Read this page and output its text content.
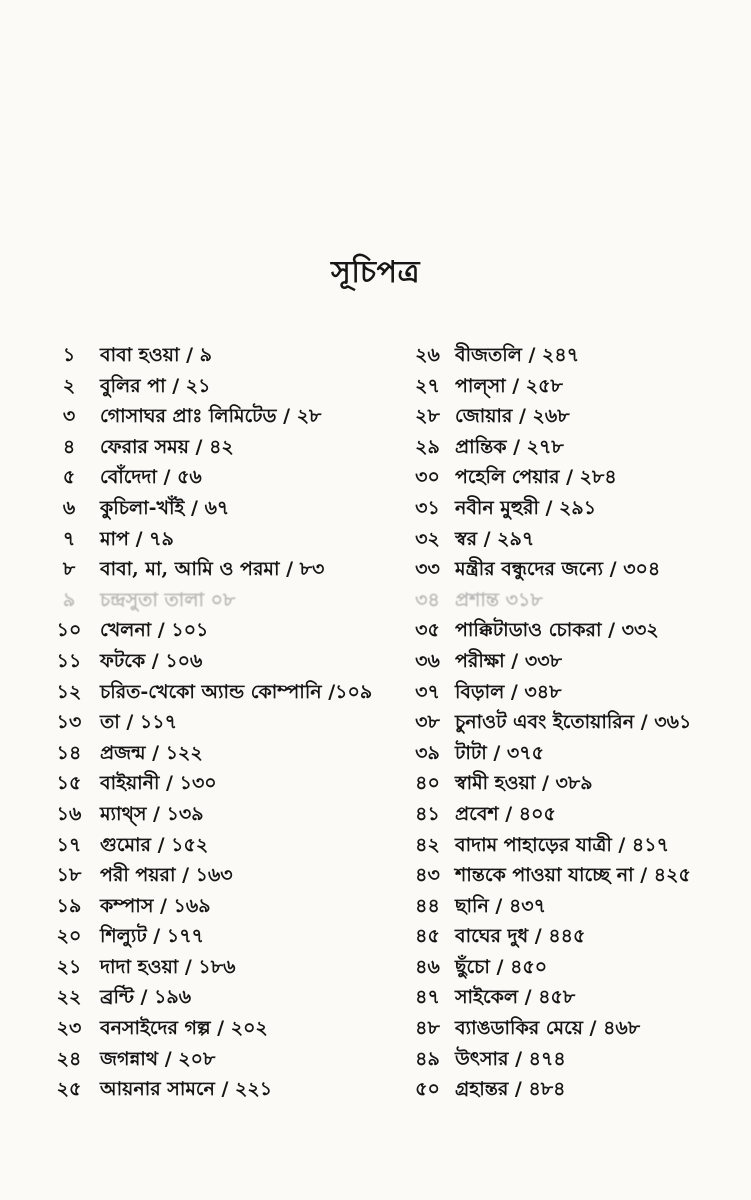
সূচিপত্র
১ বাবা হওয়া / ৯
২ বুলির পা / ২১
৩ গোসাঘর প্রাঃ লিমিটেড / ২৮
৪ ফেরার সময় / ৪২
৫ বোঁদেদা / ৫৬
৬ কুচিলা-খাঁই / ৬৭
৭ মাপ / ৭৯
৮ বাবা, মা, আমি ও পরমা / ৮৩
৯ চন্দ্রসুতা তালা ০৮
১০ খেলনা / ১০১
১১ ফটকে / ১০৬
১২ চরিত-খেকো অ্যান্ড কোম্পানি /১০৯
১৩ তা / ১১৭
১৪ প্রজন্ম / ১২২
১৫ বাইয়ানী / ১৩০
১৬ ম্যাথ্স / ১৩৯
১৭ গুমোর / ১৫২
১৮ পরী পয়রা / ১৬৩
১৯ কম্পাস / ১৬৯
২০ শিল্যুট / ১৭৭
২১ দাদা হওয়া / ১৮৬
২২ ব্রন্টি / ১৯৬
২৩ বনসাইদের গল্প / ২০২
২৪ জগন্নাথ / ২০৮
২৫ আয়নার সামনে / ২২১
২৬ বীজতলি / ২৪৭
২৭ পাল্সা / ২৫৮
২৮ জোয়ার / ২৬৮
২৯ প্রান্তিক / ২৭৮
৩০ পহেলি পেয়ার / ২৮৪
৩১ নবীন মুহুরী / ২৯১
৩২ স্বর / ২৯৭
৩৩ মন্ত্রীর বন্ধুদের জন্যে / ৩০৪
৩৪ প্রশান্ত ৩১৮
৩৫ পাক্কিটাডাও চোকরা / ৩৩২
৩৬ পরীক্ষা / ৩৩৮
৩৭ বিড়াল / ৩৪৮
৩৮ চুনাওট এবং ইতোয়ারিন / ৩৬১
৩৯ টাটা / ৩৭৫
৪০ স্বামী হওয়া / ৩৮৯
৪১ প্রবেশ / ৪০৫
৪২ বাদাম পাহাড়ের যাত্রী / ৪১৭
৪৩ শান্তকে পাওয়া যাচ্ছে না / ৪২৫
৪৪ ছানি / ৪৩৭
৪৫ বাঘের দুধ / ৪৪৫
৪৬ ছুঁচো / ৪৫০
৪৭ সাইকেল / ৪৫৮
৪৮ ব্যাঙডাকির মেয়ে / ৪৬৮
৪৯ উৎসার / ৪৭৪
৫০ গ্রহান্তর / ৪৮৪
